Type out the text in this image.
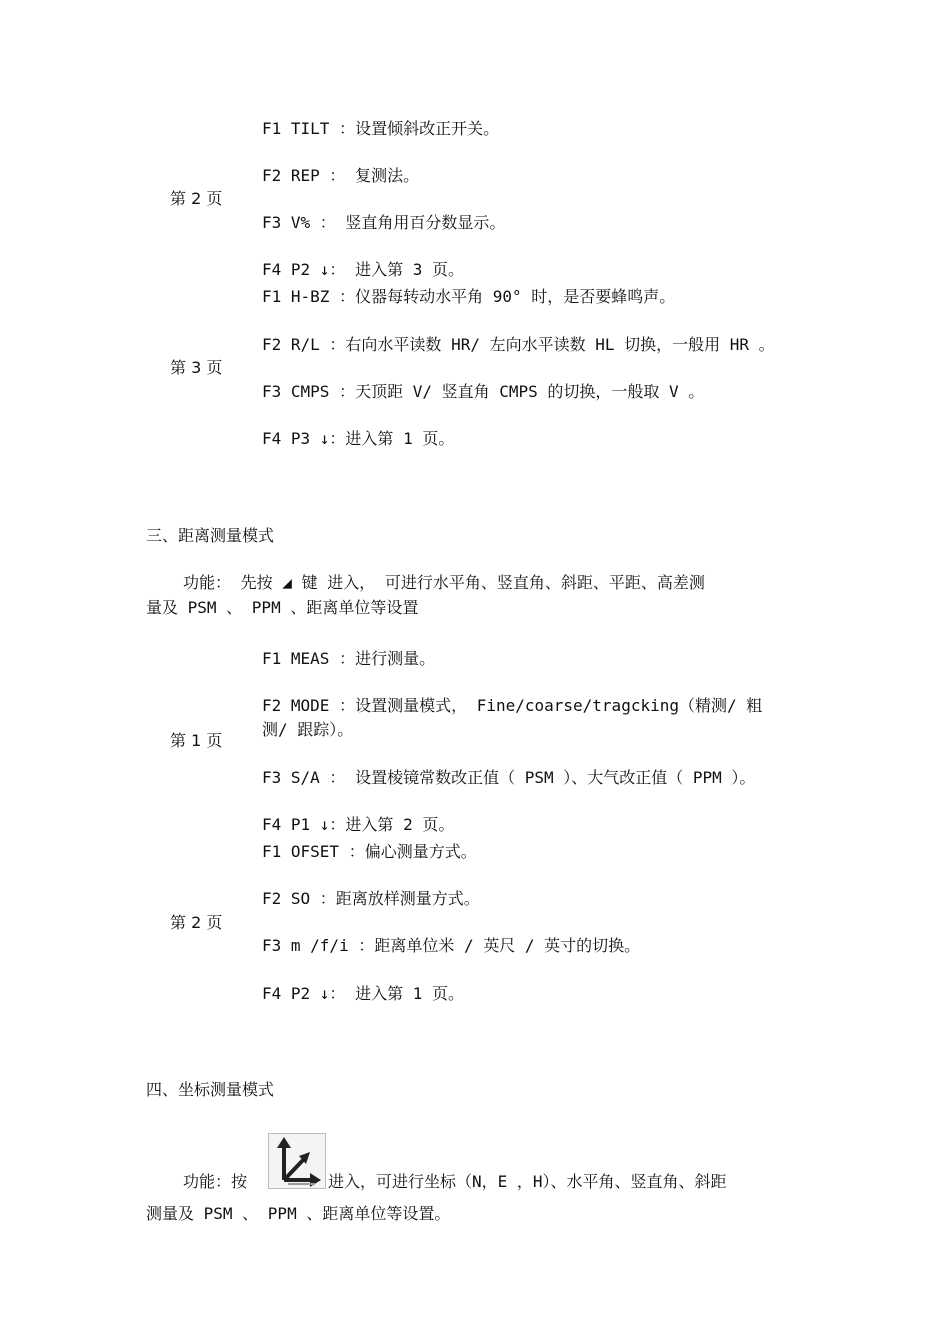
F1 TILT ：设置倾斜改正开关。
F2 REP ： 复测法。
第 2 页
F3 V% ： 竖直角用百分数显示。
F4 P2 ↓： 进入第 3 页。
F1 H-BZ ：仪器每转动水平角 90° 时，是否要蜂鸣声。
F2 R/L ：右向水平读数 HR/ 左向水平读数 HL 切换，一般用 HR 。
第 3 页
F3 CMPS ：天顶距 V/ 竖直角 CMPS 的切换，一般取 V 。
F4 P3 ↓：进入第 1 页。
三、距离测量模式
功能： 先按 ◢ 键 进入， 可进行水平角、竖直角、斜距、平距、高差测
量及 PSM 、 PPM 、距离单位等设置
F1 MEAS ：进行测量。
F2 MODE ：设置测量模式， Fine/coarse/tragcking（精测/ 粗
测/ 跟踪）。
第 1 页
F3 S/A ： 设置棱镜常数改正值（ PSM ）、大气改正值（ PPM ）。
F4 P1 ↓：进入第 2 页。
F1 OFSET ：偏心测量方式。
F2 SO ：距离放样测量方式。
第 2 页
F3 m /f/i ：距离单位米 / 英尺 / 英寸的切换。
F4 P2 ↓： 进入第 1 页。
四、坐标测量模式
功能：按	进入，可进行坐标（N，E ，H）、水平角、竖直角、斜距
测量及 PSM 、 PPM 、距离单位等设置。
